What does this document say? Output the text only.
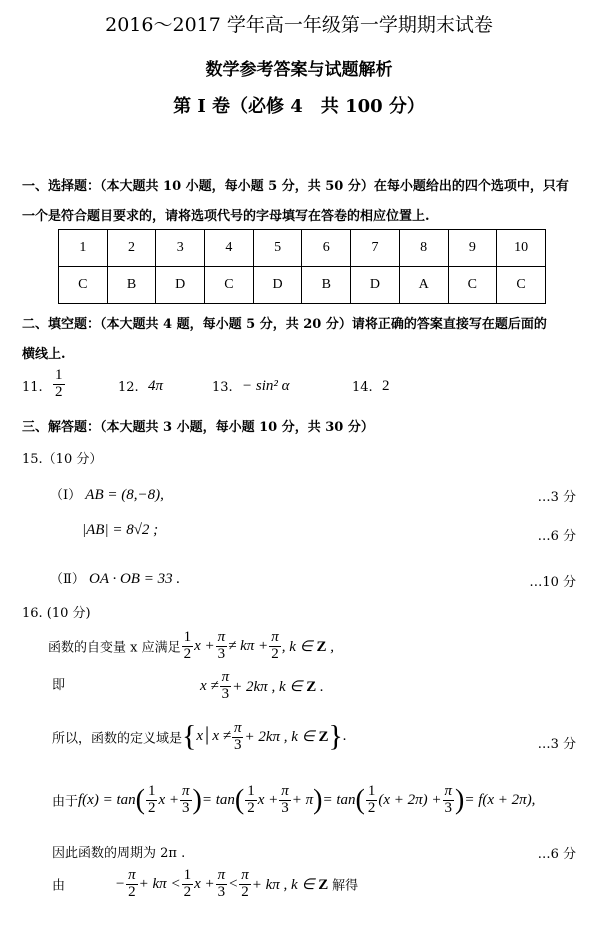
2016～2017 学年高一年级第一学期期末试卷
数学参考答案与试题解析
第 I 卷（必修 4　共 100 分）
一、选择题：（本大题共 10 小题，每小题 5 分，共 50 分）在每小题给出的四个选项中，只有
一个是符合题目要求的，请将选项代号的字母填写在答卷的相应位置上.
1	2	3	4	5	6	7	8	9	10
C	B	D	C	D	B	D	A	C	C
二、填空题：（本大题共 4 题，每小题 5 分，共 20 分）请将正确的答案直接写在题后面的
横线上.
11. $\frac{1}{2}$	12. 4π	13. − sin² α	14. 2
三、解答题：（本大题共 3 小题，每小题 10 分，共 30 分）
15.（10 分）
（Ⅰ） AB = (8,−8),	…3 分
|AB| = 8√2 ;	…6 分
（Ⅱ） OA · OB = 33 .	…10 分
16. (10 分)
函数的自变量 x 应满足 $\frac{1}{2}$ $x + \frac{\pi}{3} \ne k\pi + \frac{\pi}{2}$ , k ∈ Z ,
即	$x \ne \frac{\pi}{3} + 2k\pi$ , k ∈ Z .
所以，函数的定义域是{x│x ≠ $\frac{\pi}{3} + 2k\pi$ , k ∈ Z}.	…3 分
由于$f(x) = \tan( \frac{1}{2}$ $x + \frac{\pi}{3}$ )= $\tan( \frac{1}{2}$ $x + \frac{\pi}{3} + \pi)= \tan( \frac{1}{2} (x + 2\pi) + \frac{\pi}{3}$ )= f(x + 2π),
因此函数的周期为 2π .	…6 分
由	− $\frac{\pi}{2} + k\pi < \frac{1}{2}$ $x + \frac{\pi}{3} < \frac{\pi}{2} + k\pi$ , k ∈ Z 解得
